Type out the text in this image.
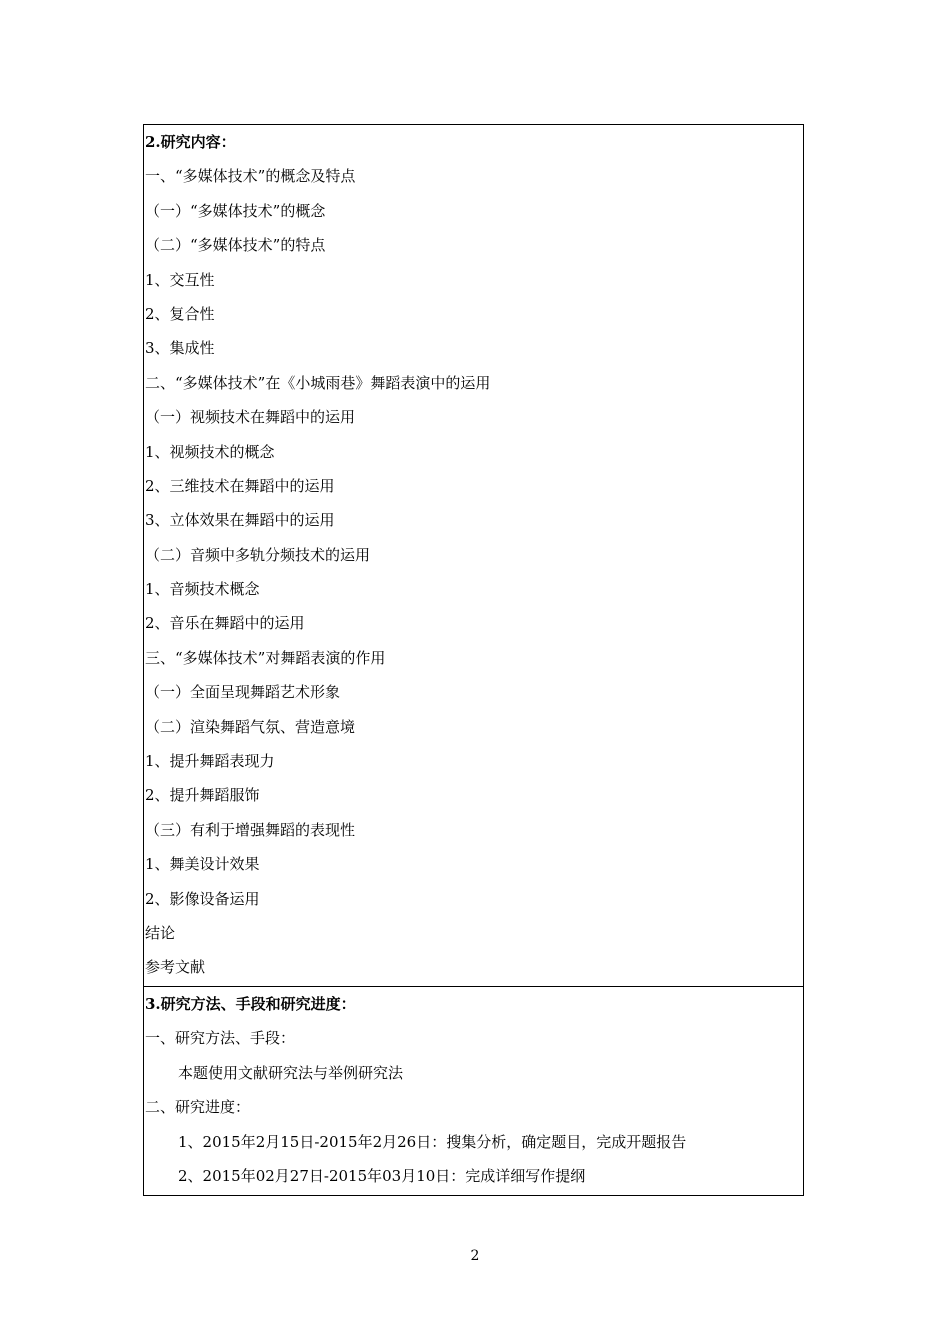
2.研究内容：
一、“多媒体技术”的概念及特点
（一）“多媒体技术”的概念
（二）“多媒体技术”的特点
1、交互性
2、复合性
3、集成性
二、“多媒体技术”在《小城雨巷》舞蹈表演中的运用
（一）视频技术在舞蹈中的运用
1、视频技术的概念
2、三维技术在舞蹈中的运用
3、立体效果在舞蹈中的运用
（二）音频中多轨分频技术的运用
1、音频技术概念
2、音乐在舞蹈中的运用
三、“多媒体技术”对舞蹈表演的作用
（一）全面呈现舞蹈艺术形象
（二）渲染舞蹈气氛、营造意境
1、提升舞蹈表现力
2、提升舞蹈服饰
（三）有利于增强舞蹈的表现性
1、舞美设计效果
2、影像设备运用
结论
参考文献
3.研究方法、手段和研究进度：
一、研究方法、手段：
本题使用文献研究法与举例研究法
二、研究进度：
1、2015年2月15日-2015年2月26日：搜集分析，确定题目，完成开题报告
2、2015年02月27日-2015年03月10日：完成详细写作提纲
2
